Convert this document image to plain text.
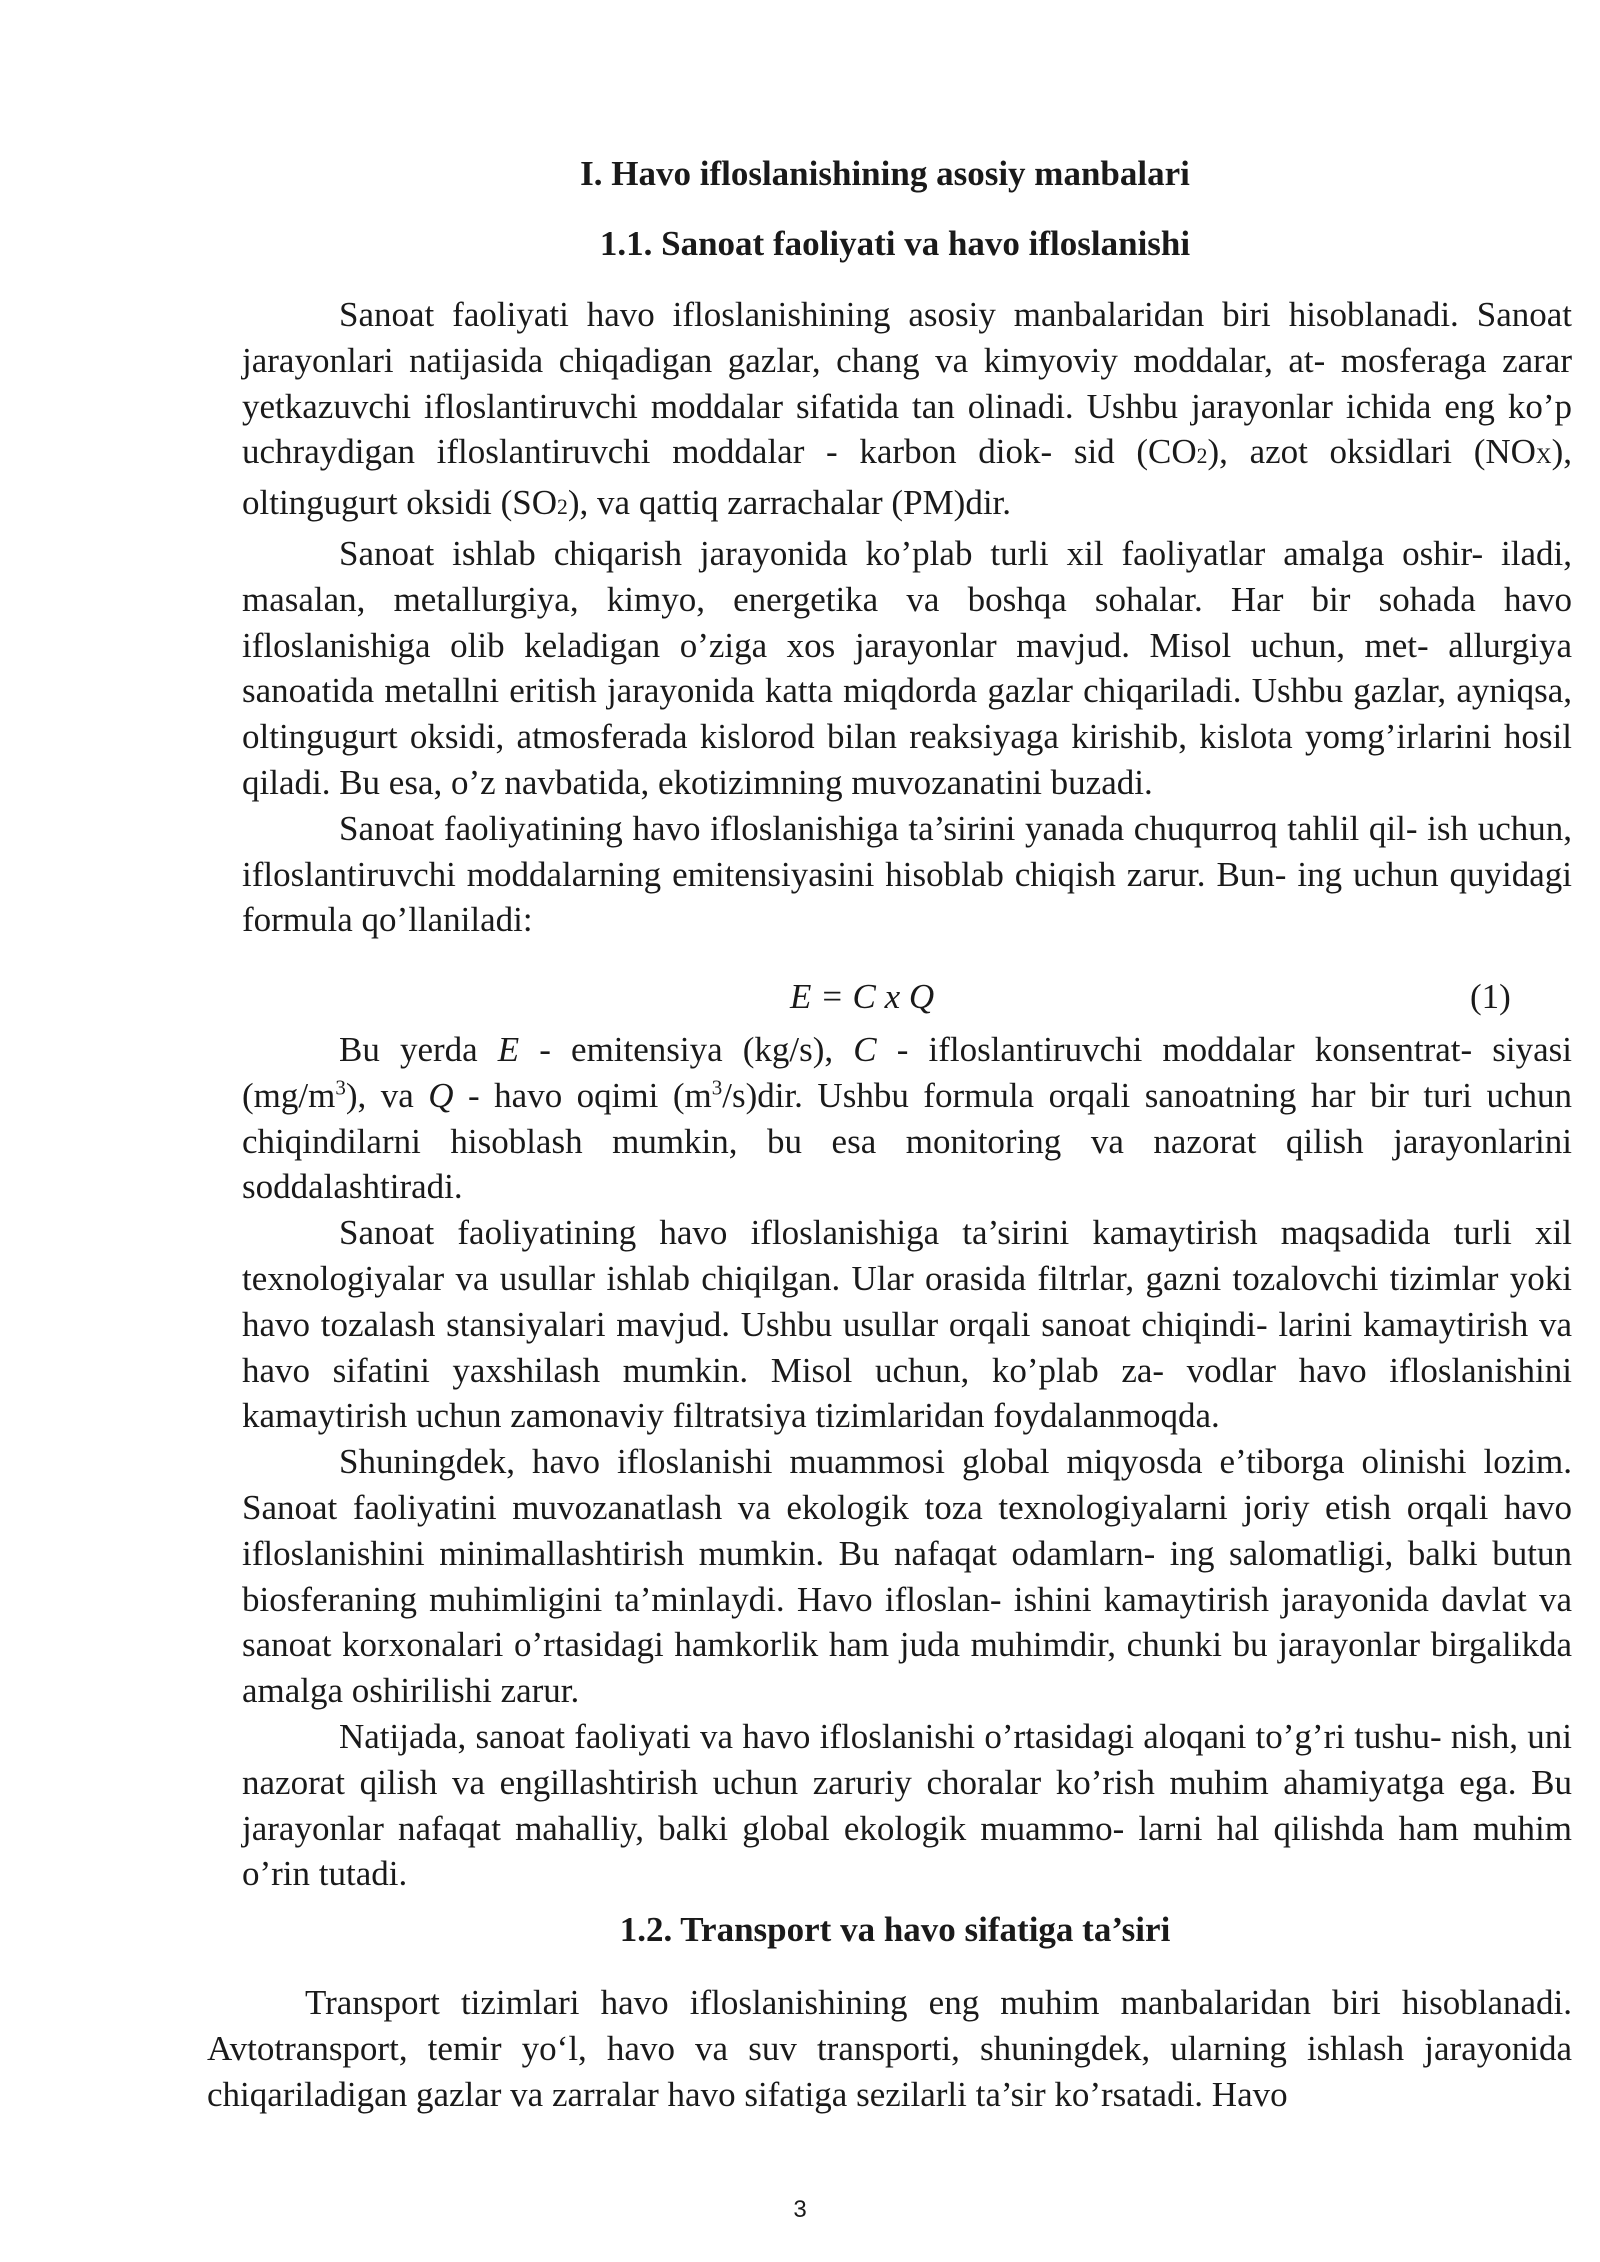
I. Havo ifloslanishining asosiy manbalari
1.1. Sanoat faoliyati va havo ifloslanishi

Sanoat faoliyati havo ifloslanishining asosiy manbalaridan biri hisoblanadi. Sanoat jarayonlari natijasida chiqadigan gazlar, chang va kimyoviy moddalar, at- mosferaga zarar yetkazuvchi ifloslantiruvchi moddalar sifatida tan olinadi. Ushbu jarayonlar ichida eng ko’p uchraydigan ifloslantiruvchi moddalar - karbon diok- sid (CO2), azot oksidlari (NOX), oltingugurt oksidi (SO2), va qattiq zarrachalar (PM)dir.

Sanoat ishlab chiqarish jarayonida ko’plab turli xil faoliyatlar amalga oshir- iladi, masalan, metallurgiya, kimyo, energetika va boshqa sohalar. Har bir sohada havo ifloslanishiga olib keladigan o’ziga xos jarayonlar mavjud. Misol uchun, met- allurgiya sanoatida metallni eritish jarayonida katta miqdorda gazlar chiqariladi. Ushbu gazlar, ayniqsa, oltingugurt oksidi, atmosferada kislorod bilan reaksiyaga kirishib, kislota yomg’irlarini hosil qiladi. Bu esa, o’z navbatida, ekotizimning muvozanatini buzadi.

Sanoat faoliyatining havo ifloslanishiga ta’sirini yanada chuqurroq tahlil qil- ish uchun, ifloslantiruvchi moddalarning emitensiyasini hisoblab chiqish zarur. Bun- ing uchun quyidagi formula qo’llaniladi:

E = C x Q	(1)

Bu yerda E - emitensiya (kg/s), C - ifloslantiruvchi moddalar konsentrat- siyasi $(mg/m^3)$, va Q - havo oqimi $(m^3/s)dir$. Ushbu formula orqali sanoatning har bir turi uchun chiqindilarni hisoblash mumkin, bu esa monitoring va nazorat qilish jarayonlarini soddalashtiradi.

Sanoat faoliyatining havo ifloslanishiga ta’sirini kamaytirish maqsadida turli xil texnologiyalar va usullar ishlab chiqilgan. Ular orasida filtrlar, gazni tozalovchi tizimlar yoki havo tozalash stansiyalari mavjud. Ushbu usullar orqali sanoat chiqindi- larini kamaytirish va havo sifatini yaxshilash mumkin. Misol uchun, ko’plab za- vodlar havo ifloslanishini kamaytirish uchun zamonaviy filtratsiya tizimlaridan foydalanmoqda.

Shuningdek, havo ifloslanishi muammosi global miqyosda e’tiborga olinishi lozim. Sanoat faoliyatini muvozanatlash va ekologik toza texnologiyalarni joriy etish orqali havo ifloslanishini minimallashtirish mumkin. Bu nafaqat odamlarn- ing salomatligi, balki butun biosferaning muhimligini ta’minlaydi. Havo ifloslan- ishini kamaytirish jarayonida davlat va sanoat korxonalari o’rtasidagi hamkorlik ham juda muhimdir, chunki bu jarayonlar birgalikda amalga oshirilishi zarur.

Natijada, sanoat faoliyati va havo ifloslanishi o’rtasidagi aloqani to’g’ri tushu- nish, uni nazorat qilish va engillashtirish uchun zaruriy choralar ko’rish muhim ahamiyatga ega. Bu jarayonlar nafaqat mahalliy, balki global ekologik muammo- larni hal qilishda ham muhim o’rin tutadi.

1.2. Transport va havo sifatiga ta’siri

Transport tizimlari havo ifloslanishining eng muhim manbalaridan biri hisoblanadi. Avtotransport, temir yo‘l, havo va suv transporti, shuningdek, ularning ishlash jarayonida chiqariladigan gazlar va zarralar havo sifatiga sezilarli ta’sir ko’rsatadi. Havo

3
